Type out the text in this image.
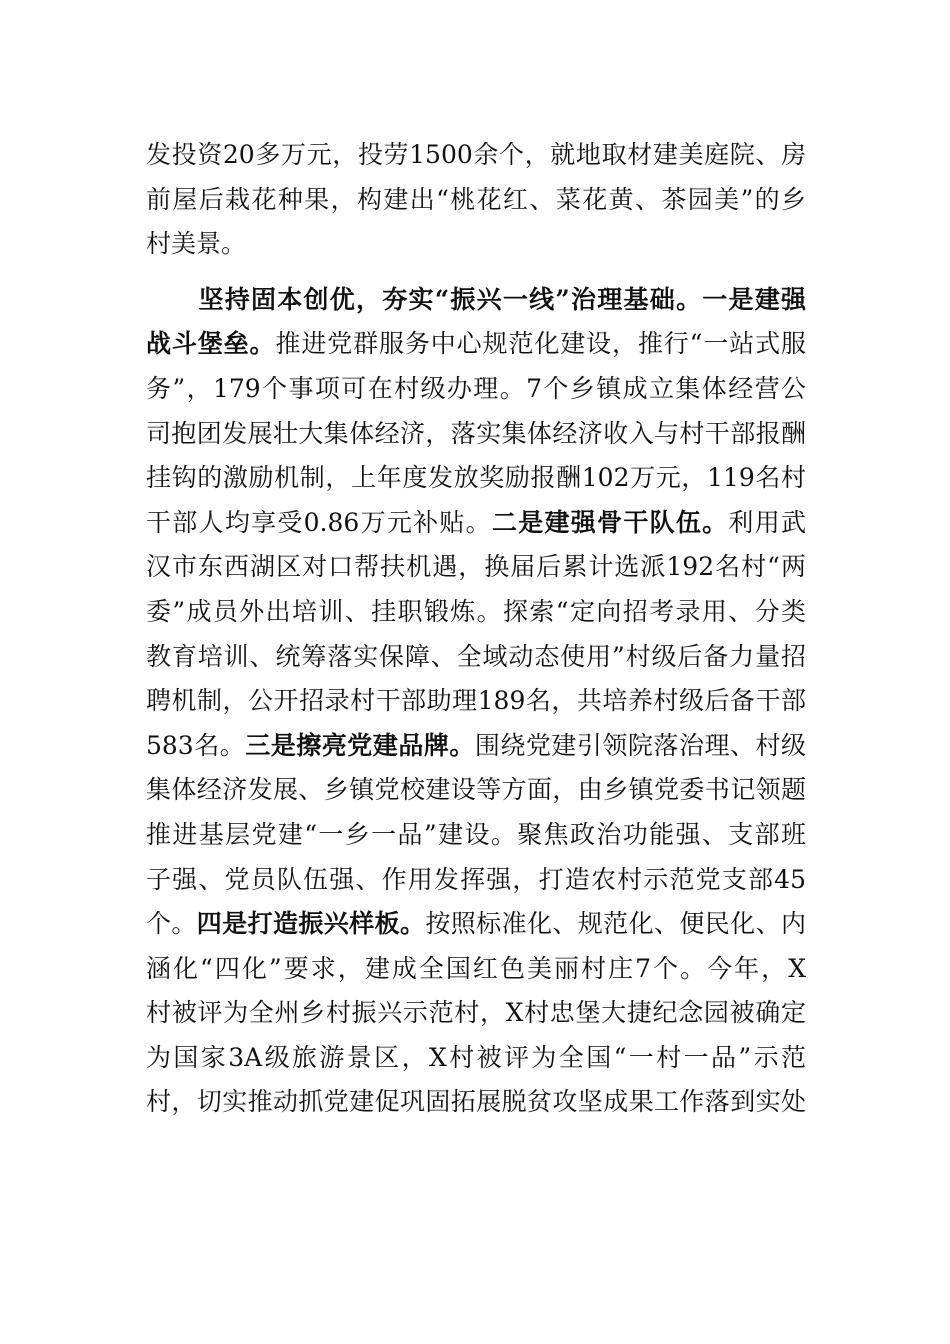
发投资20多万元，投劳1500余个，就地取材建美庭院、房
前屋后栽花种果，构建出“桃花红、菜花黄、茶园美”的乡
村美景。
　　坚持固本创优，夯实“振兴一线”治理基础。一是建强
战斗堡垒。推进党群服务中心规范化建设，推行“一站式服
务”，179个事项可在村级办理。7个乡镇成立集体经营公
司抱团发展壮大集体经济，落实集体经济收入与村干部报酬
挂钩的激励机制，上年度发放奖励报酬102万元，119名村
干部人均享受0.86万元补贴。二是建强骨干队伍。利用武
汉市东西湖区对口帮扶机遇，换届后累计选派192名村“两
委”成员外出培训、挂职锻炼。探索“定向招考录用、分类
教育培训、统筹落实保障、全域动态使用”村级后备力量招
聘机制，公开招录村干部助理189名，共培养村级后备干部
583名。三是擦亮党建品牌。围绕党建引领院落治理、村级
集体经济发展、乡镇党校建设等方面，由乡镇党委书记领题
推进基层党建“一乡一品”建设。聚焦政治功能强、支部班
子强、党员队伍强、作用发挥强，打造农村示范党支部45
个。四是打造振兴样板。按照标准化、规范化、便民化、内
涵化“四化”要求，建成全国红色美丽村庄7个。今年，X
村被评为全州乡村振兴示范村，X村忠堡大捷纪念园被确定
为国家3A级旅游景区，X村被评为全国“一村一品”示范
村，切实推动抓党建促巩固拓展脱贫攻坚成果工作落到实处
